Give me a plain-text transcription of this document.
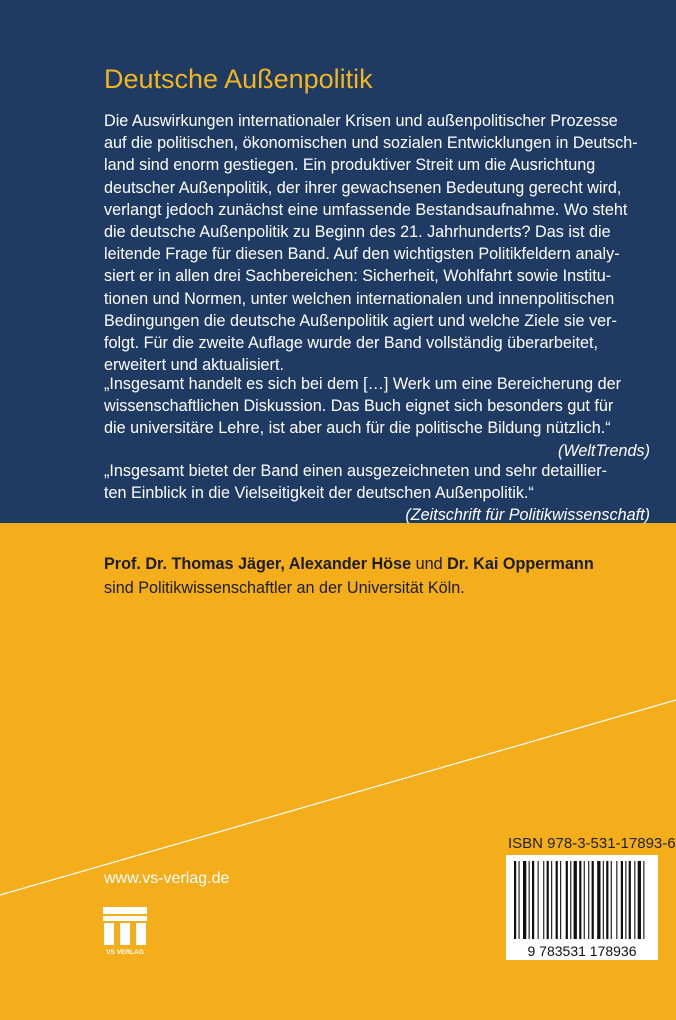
Deutsche Außenpolitik
Die Auswirkungen internationaler Krisen und außenpolitischer Prozesse
auf die politischen, ökonomischen und sozialen Entwicklungen in Deutsch-
land sind enorm gestiegen. Ein produktiver Streit um die Ausrichtung
deutscher Außenpolitik, der ihrer gewachsenen Bedeutung gerecht wird,
verlangt jedoch zunächst eine umfassende Bestandsaufnahme. Wo steht
die deutsche Außenpolitik zu Beginn des 21. Jahrhunderts? Das ist die
leitende Frage für diesen Band. Auf den wichtigsten Politikfeldern analy-
siert er in allen drei Sachbereichen: Sicherheit, Wohlfahrt sowie Institu-
tionen und Normen, unter welchen internationalen und innenpolitischen
Bedingungen die deutsche Außenpolitik agiert und welche Ziele sie ver-
folgt. Für die zweite Auflage wurde der Band vollständig überarbeitet,
erweitert und aktualisiert.
„Insgesamt handelt es sich bei dem […] Werk um eine Bereicherung der
wissenschaftlichen Diskussion. Das Buch eignet sich besonders gut für
die universitäre Lehre, ist aber auch für die politische Bildung nützlich.“
(WeltTrends)
„Insgesamt bietet der Band einen ausgezeichneten und sehr detaillier-
ten Einblick in die Vielseitigkeit der deutschen Außenpolitik.“
(Zeitschrift für Politikwissenschaft)
Prof. Dr. Thomas Jäger, Alexander Höse und Dr. Kai Oppermann
sind Politikwissenschaftler an der Universität Köln.
ISBN 978-3-531-17893-6
9 783531 178936
www.vs-verlag.de
VS VERLAG
